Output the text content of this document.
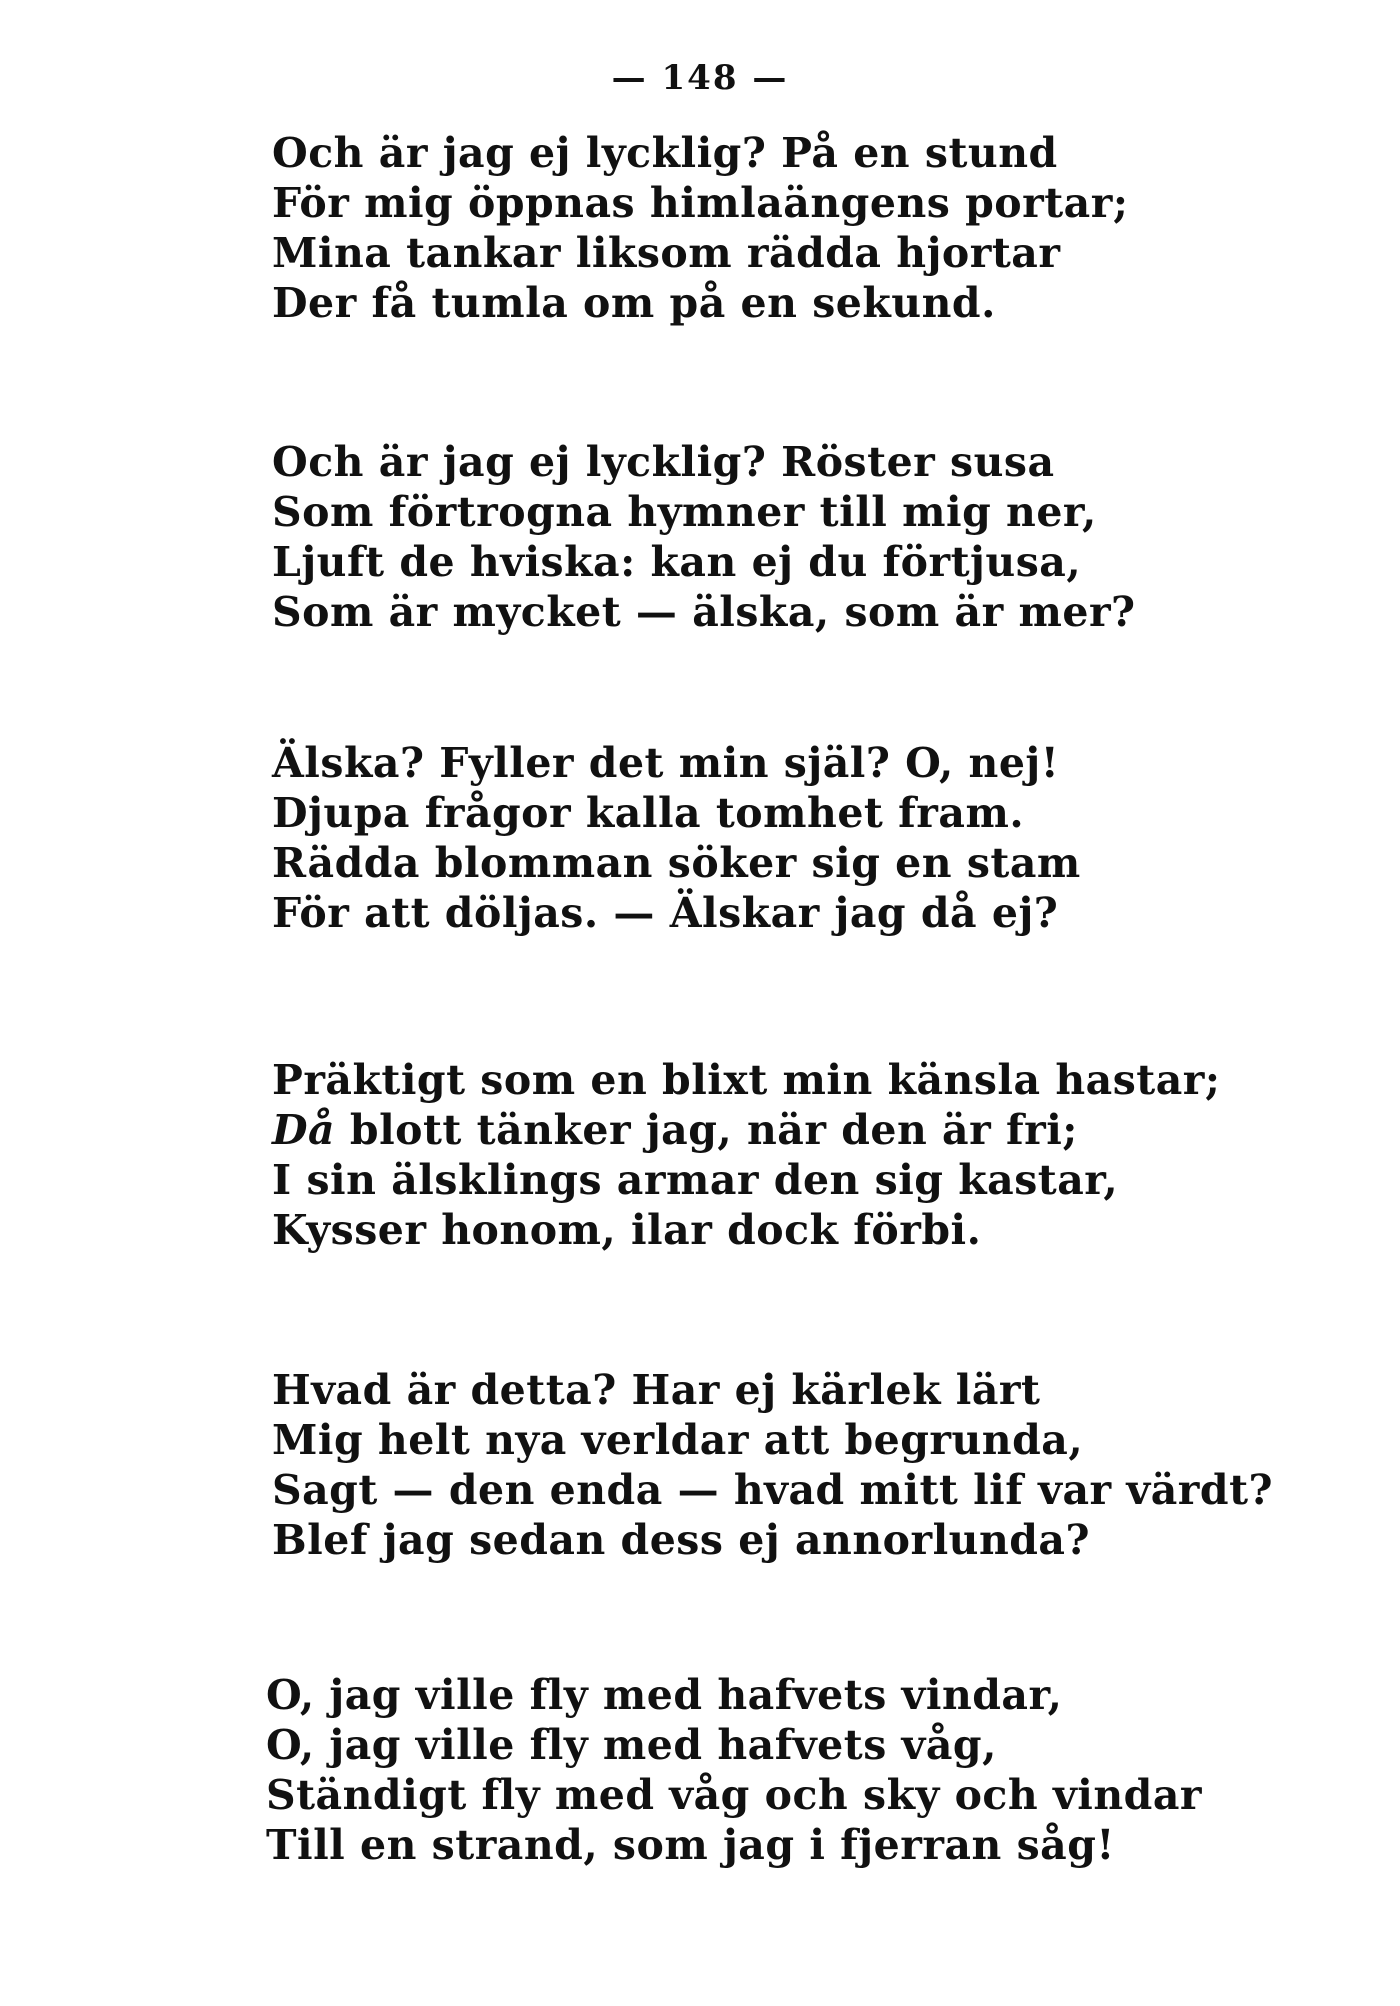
— 148 —
Och är jag ej lycklig? På en stund
För mig öppnas himlaängens portar;
Mina tankar liksom rädda hjortar
Der få tumla om på en sekund.
Och är jag ej lycklig? Röster susa
Som förtrogna hymner till mig ner,
Ljuft de hviska: kan ej du förtjusa,
Som är mycket — älska, som är mer?
Älska? Fyller det min själ? O, nej!
Djupa frågor kalla tomhet fram.
Rädda blomman söker sig en stam
För att döljas. — Älskar jag då ej?
Präktigt som en blixt min känsla hastar;
Då blott tänker jag, när den är fri;
I sin älsklings armar den sig kastar,
Kysser honom, ilar dock förbi.
Hvad är detta? Har ej kärlek lärt
Mig helt nya verldar att begrunda,
Sagt — den enda — hvad mitt lif var värdt?
Blef jag sedan dess ej annorlunda?
O, jag ville fly med hafvets vindar,
O, jag ville fly med hafvets våg,
Ständigt fly med våg och sky och vindar
Till en strand, som jag i fjerran såg!
